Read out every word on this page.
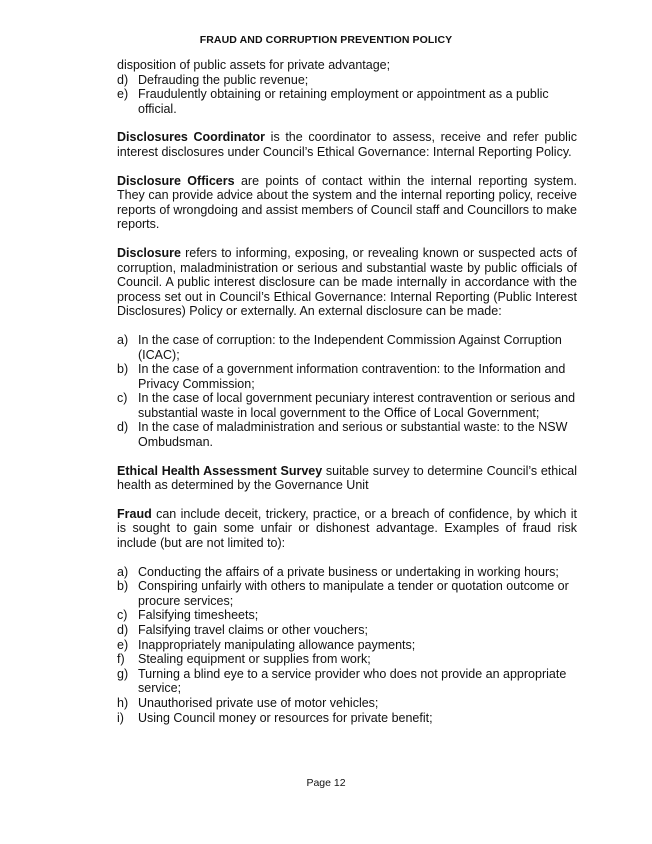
FRAUD AND CORRUPTION PREVENTION POLICY

disposition of public assets for private advantage;

d) Defrauding the public revenue;
e) Fraudulently obtaining or retaining employment or appointment as a public official.

Disclosures Coordinator is the coordinator to assess, receive and refer public interest disclosures under Council’s Ethical Governance: Internal Reporting Policy.

Disclosure Officers are points of contact within the internal reporting system. They can provide advice about the system and the internal reporting policy, receive reports of wrongdoing and assist members of Council staff and Councillors to make reports.

Disclosure refers to informing, exposing, or revealing known or suspected acts of corruption, maladministration or serious and substantial waste by public officials of Council. A public interest disclosure can be made internally in accordance with the process set out in Council’s Ethical Governance: Internal Reporting (Public Interest Disclosures) Policy or externally. An external disclosure can be made:

a) In the case of corruption: to the Independent Commission Against Corruption (ICAC);
b) In the case of a government information contravention: to the Information and Privacy Commission;
c) In the case of local government pecuniary interest contravention or serious and substantial waste in local government to the Office of Local Government;
d) In the case of maladministration and serious or substantial waste: to the NSW Ombudsman.

Ethical Health Assessment Survey suitable survey to determine Council’s ethical health as determined by the Governance Unit

Fraud can include deceit, trickery, practice, or a breach of confidence, by which it is sought to gain some unfair or dishonest advantage. Examples of fraud risk include (but are not limited to):

a) Conducting the affairs of a private business or undertaking in working hours;
b) Conspiring unfairly with others to manipulate a tender or quotation outcome or procure services;
c) Falsifying timesheets;
d) Falsifying travel claims or other vouchers;
e) Inappropriately manipulating allowance payments;
f) Stealing equipment or supplies from work;
g) Turning a blind eye to a service provider who does not provide an appropriate service;
h) Unauthorised private use of motor vehicles;
i) Using Council money or resources for private benefit;
Page 12
